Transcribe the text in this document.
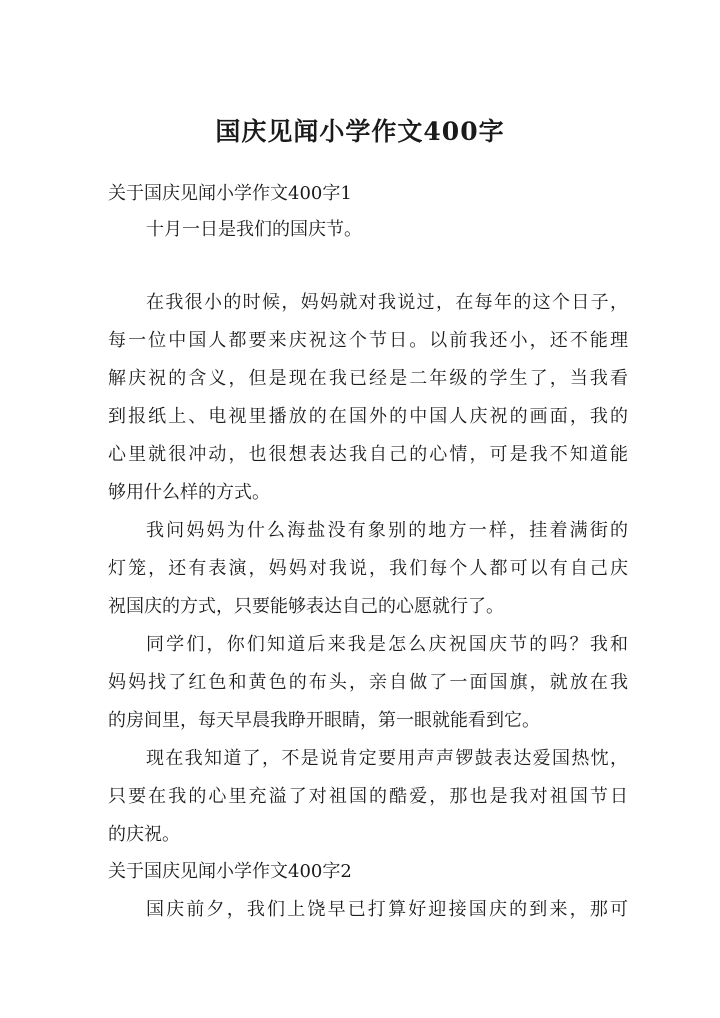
国庆见闻小学作文400字
关于国庆见闻小学作文400字1
十月一日是我们的国庆节。
在我很小的时候，妈妈就对我说过，在每年的这个日子，
每一位中国人都要来庆祝这个节日。以前我还小，还不能理
解庆祝的含义，但是现在我已经是二年级的学生了，当我看
到报纸上、电视里播放的在国外的中国人庆祝的画面，我的
心里就很冲动，也很想表达我自己的心情，可是我不知道能
够用什么样的方式。
我问妈妈为什么海盐没有象别的地方一样，挂着满街的
灯笼，还有表演，妈妈对我说，我们每个人都可以有自己庆
祝国庆的方式，只要能够表达自己的心愿就行了。
同学们，你们知道后来我是怎么庆祝国庆节的吗？我和
妈妈找了红色和黄色的布头，亲自做了一面国旗，就放在我
的房间里，每天早晨我睁开眼睛，第一眼就能看到它。
现在我知道了，不是说肯定要用声声锣鼓表达爱国热忱，
只要在我的心里充溢了对祖国的酷爱，那也是我对祖国节日
的庆祝。
关于国庆见闻小学作文400字2
国庆前夕，我们上饶早已打算好迎接国庆的到来，那可
